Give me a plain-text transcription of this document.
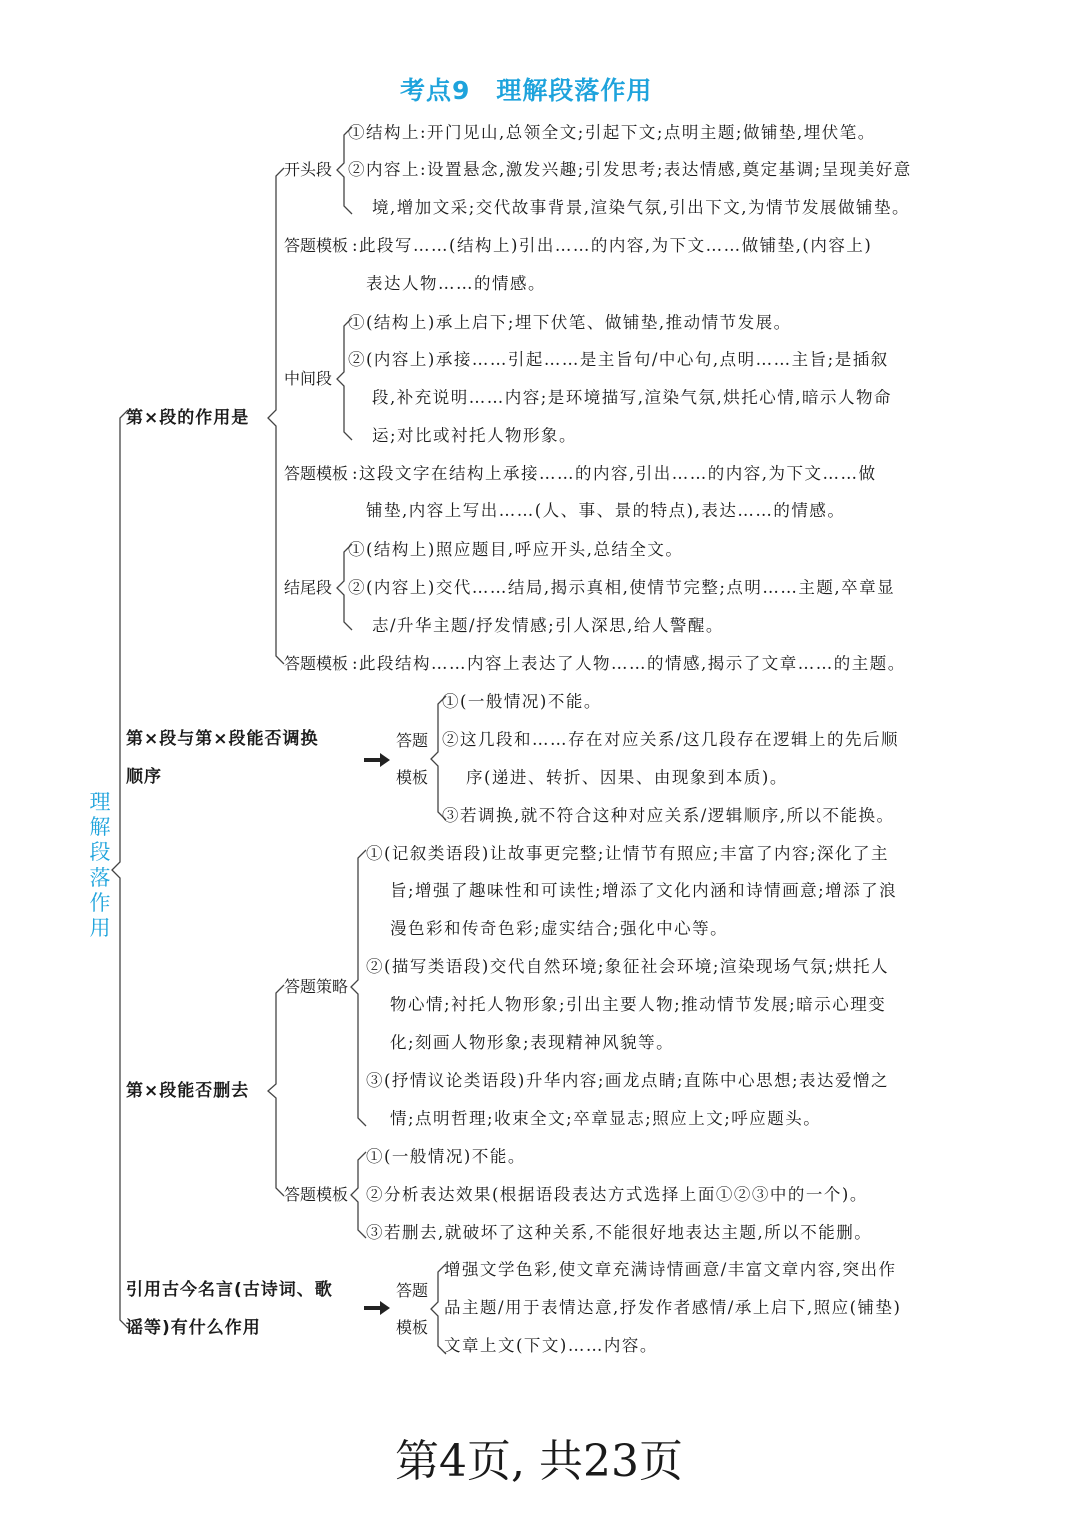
考点9　理解段落作用
理解段落作用
第×段的作用是
第×段与第×段能否调换
顺序
第×段能否删去
引用古今名言(古诗词、歌
谣等)有什么作用
开头段
答题模板
中间段
答题模板
结尾段
答题模板
答题
模板
答题策略
答题模板
答题
模板
①结构上:开门见山,总领全文;引起下文;点明主题;做铺垫,埋伏笔。
②内容上:设置悬念,激发兴趣;引发思考;表达情感,奠定基调;呈现美好意
境,增加文采;交代故事背景,渲染气氛,引出下文,为情节发展做铺垫。
:此段写……(结构上)引出……的内容,为下文……做铺垫,(内容上)
表达人物……的情感。
①(结构上)承上启下;埋下伏笔、做铺垫,推动情节发展。
②(内容上)承接……引起……是主旨句/中心句,点明……主旨;是插叙
段,补充说明……内容;是环境描写,渲染气氛,烘托心情,暗示人物命
运;对比或衬托人物形象。
:这段文字在结构上承接……的内容,引出……的内容,为下文……做
铺垫,内容上写出……(人、事、景的特点),表达……的情感。
①(结构上)照应题目,呼应开头,总结全文。
②(内容上)交代……结局,揭示真相,使情节完整;点明……主题,卒章显
志/升华主题/抒发情感;引人深思,给人警醒。
:此段结构……内容上表达了人物……的情感,揭示了文章……的主题。
①(一般情况)不能。
②这几段和……存在对应关系/这几段存在逻辑上的先后顺
序(递进、转折、因果、由现象到本质)。
③若调换,就不符合这种对应关系/逻辑顺序,所以不能换。
①(记叙类语段)让故事更完整;让情节有照应;丰富了内容;深化了主
旨;增强了趣味性和可读性;增添了文化内涵和诗情画意;增添了浪
漫色彩和传奇色彩;虚实结合;强化中心等。
②(描写类语段)交代自然环境;象征社会环境;渲染现场气氛;烘托人
物心情;衬托人物形象;引出主要人物;推动情节发展;暗示心理变
化;刻画人物形象;表现精神风貌等。
③(抒情议论类语段)升华内容;画龙点睛;直陈中心思想;表达爱憎之
情;点明哲理;收束全文;卒章显志;照应上文;呼应题头。
①(一般情况)不能。
②分析表达效果(根据语段表达方式选择上面①②③中的一个)。
③若删去,就破坏了这种关系,不能很好地表达主题,所以不能删。
增强文学色彩,使文章充满诗情画意/丰富文章内容,突出作
品主题/用于表情达意,抒发作者感情/承上启下,照应(铺垫)
文章上文(下文)……内容。
第4页, 共23页
